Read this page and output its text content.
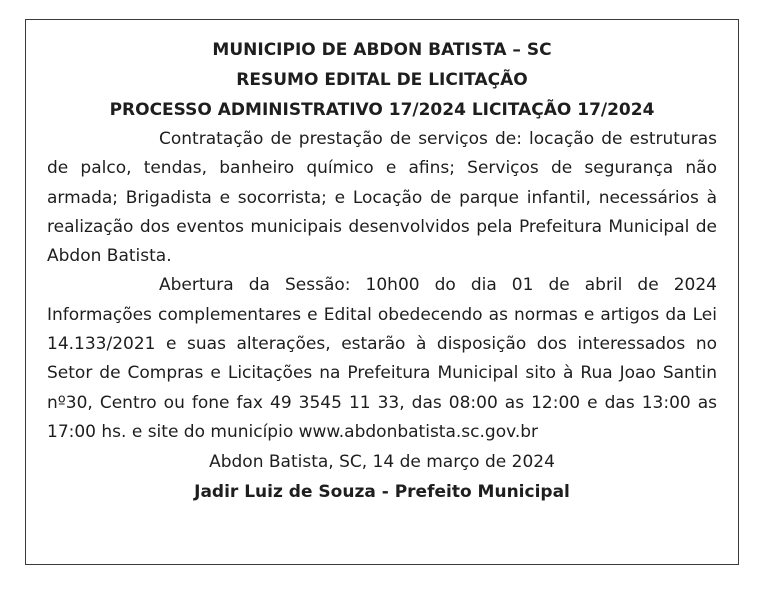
MUNICIPIO DE ABDON BATISTA – SC

RESUMO EDITAL DE LICITAÇÃO

PROCESSO ADMINISTRATIVO 17/2024 LICITAÇÃO 17/2024

Contratação de prestação de serviços de: locação de estruturas de palco, tendas, banheiro químico e afins; Serviços de segurança não armada; Brigadista e socorrista; e Locação de parque infantil, necessários à realização dos eventos municipais desenvolvidos pela Prefeitura Municipal de Abdon Batista.

Abertura da Sessão: 10h00 do dia 01 de abril de 2024 Informações complementares e Edital obedecendo as normas e artigos da Lei 14.133/2021 e suas alterações, estarão à disposição dos interessados no Setor de Compras e Licitações na Prefeitura Municipal sito à Rua Joao Santin nº30, Centro ou fone fax 49 3545 11 33, das 08:00 as 12:00 e das 13:00 as 17:00 hs. e site do município www.abdonbatista.sc.gov.br

Abdon Batista, SC, 14 de março de 2024

Jadir Luiz de Souza - Prefeito Municipal
